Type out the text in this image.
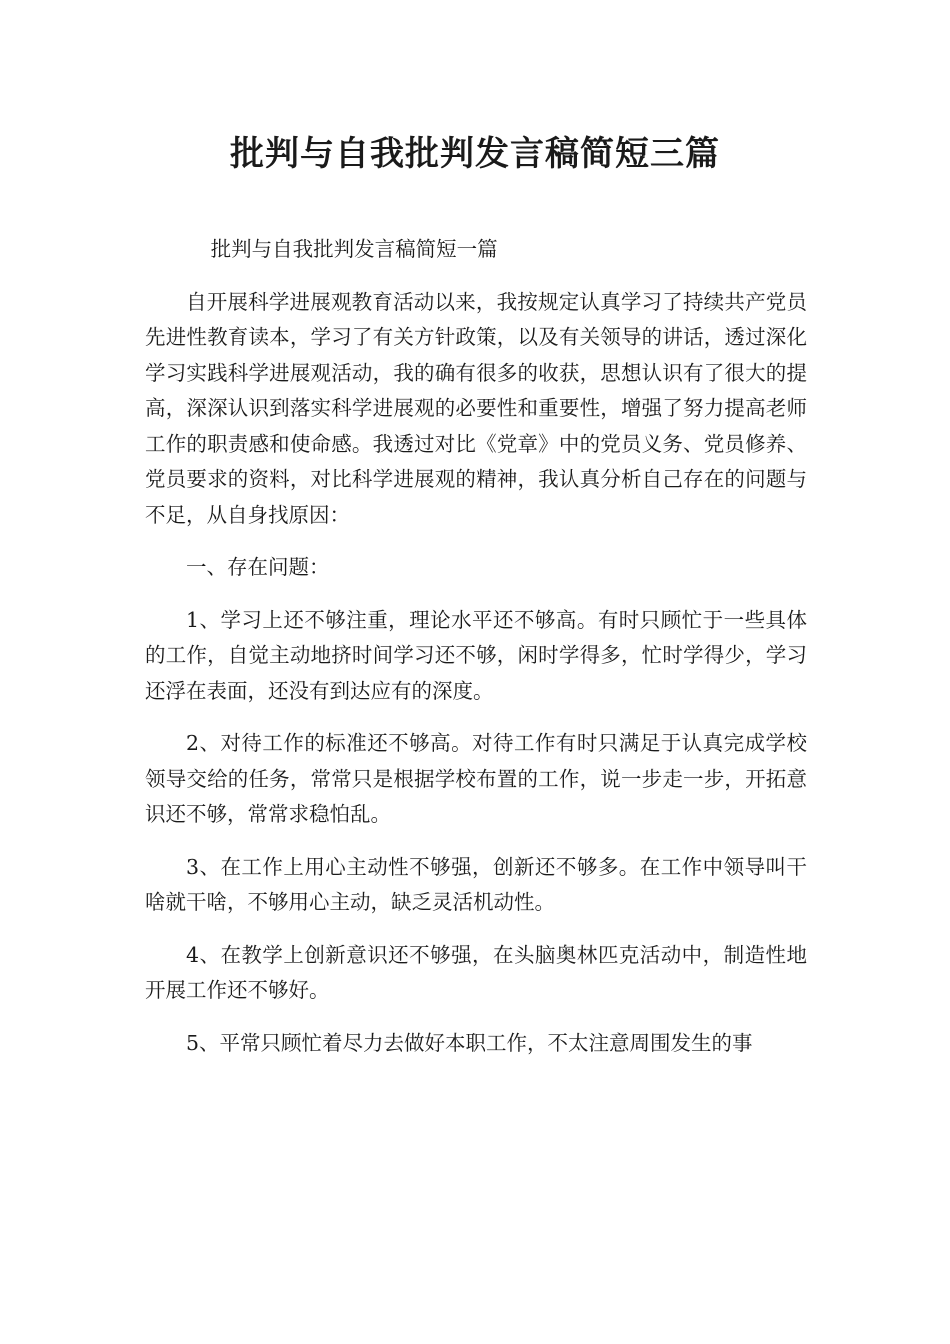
批判与自我批判发言稿简短三篇

批判与自我批判发言稿简短一篇

自开展科学进展观教育活动以来，我按规定认真学习了持续共产党员先进性教育读本，学习了有关方针政策，以及有关领导的讲话，透过深化学习实践科学进展观活动，我的确有很多的收获，思想认识有了很大的提高，深深认识到落实科学进展观的必要性和重要性，增强了努力提高老师工作的职责感和使命感。我透过对比《党章》中的党员义务、党员修养、党员要求的资料，对比科学进展观的精神，我认真分析自己存在的问题与不足，从自身找原因：

一、存在问题：

1、学习上还不够注重，理论水平还不够高。有时只顾忙于一些具体的工作，自觉主动地挤时间学习还不够，闲时学得多，忙时学得少，学习还浮在表面，还没有到达应有的深度。

2、对待工作的标准还不够高。对待工作有时只满足于认真完成学校领导交给的任务，常常只是根据学校布置的工作，说一步走一步，开拓意识还不够，常常求稳怕乱。

3、在工作上用心主动性不够强，创新还不够多。在工作中领导叫干啥就干啥，不够用心主动，缺乏灵活机动性。

4、在教学上创新意识还不够强，在头脑奥林匹克活动中，制造性地开展工作还不够好。

5、平常只顾忙着尽力去做好本职工作，不太注意周围发生的事
